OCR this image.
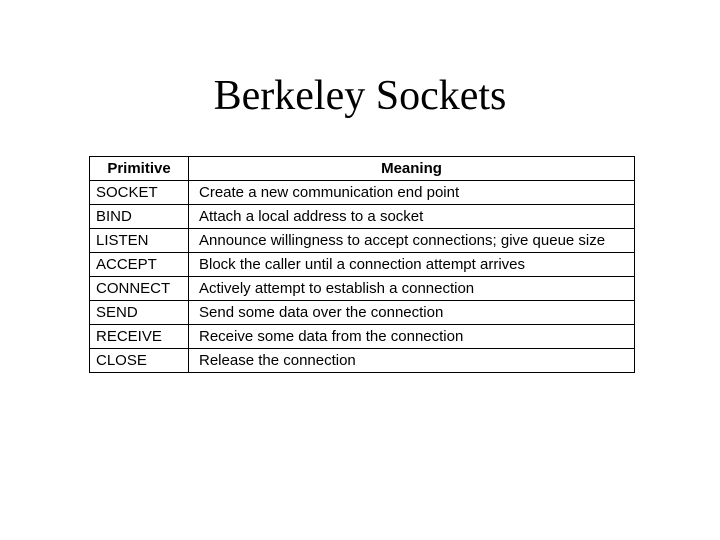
Berkeley Sockets
Primitive	Meaning
SOCKET	Create a new communication end point
BIND	Attach a local address to a socket
LISTEN	Announce willingness to accept connections; give queue size
ACCEPT	Block the caller until a connection attempt arrives
CONNECT	Actively attempt to establish a connection
SEND	Send some data over the connection
RECEIVE	Receive some data from the connection
CLOSE	Release the connection
